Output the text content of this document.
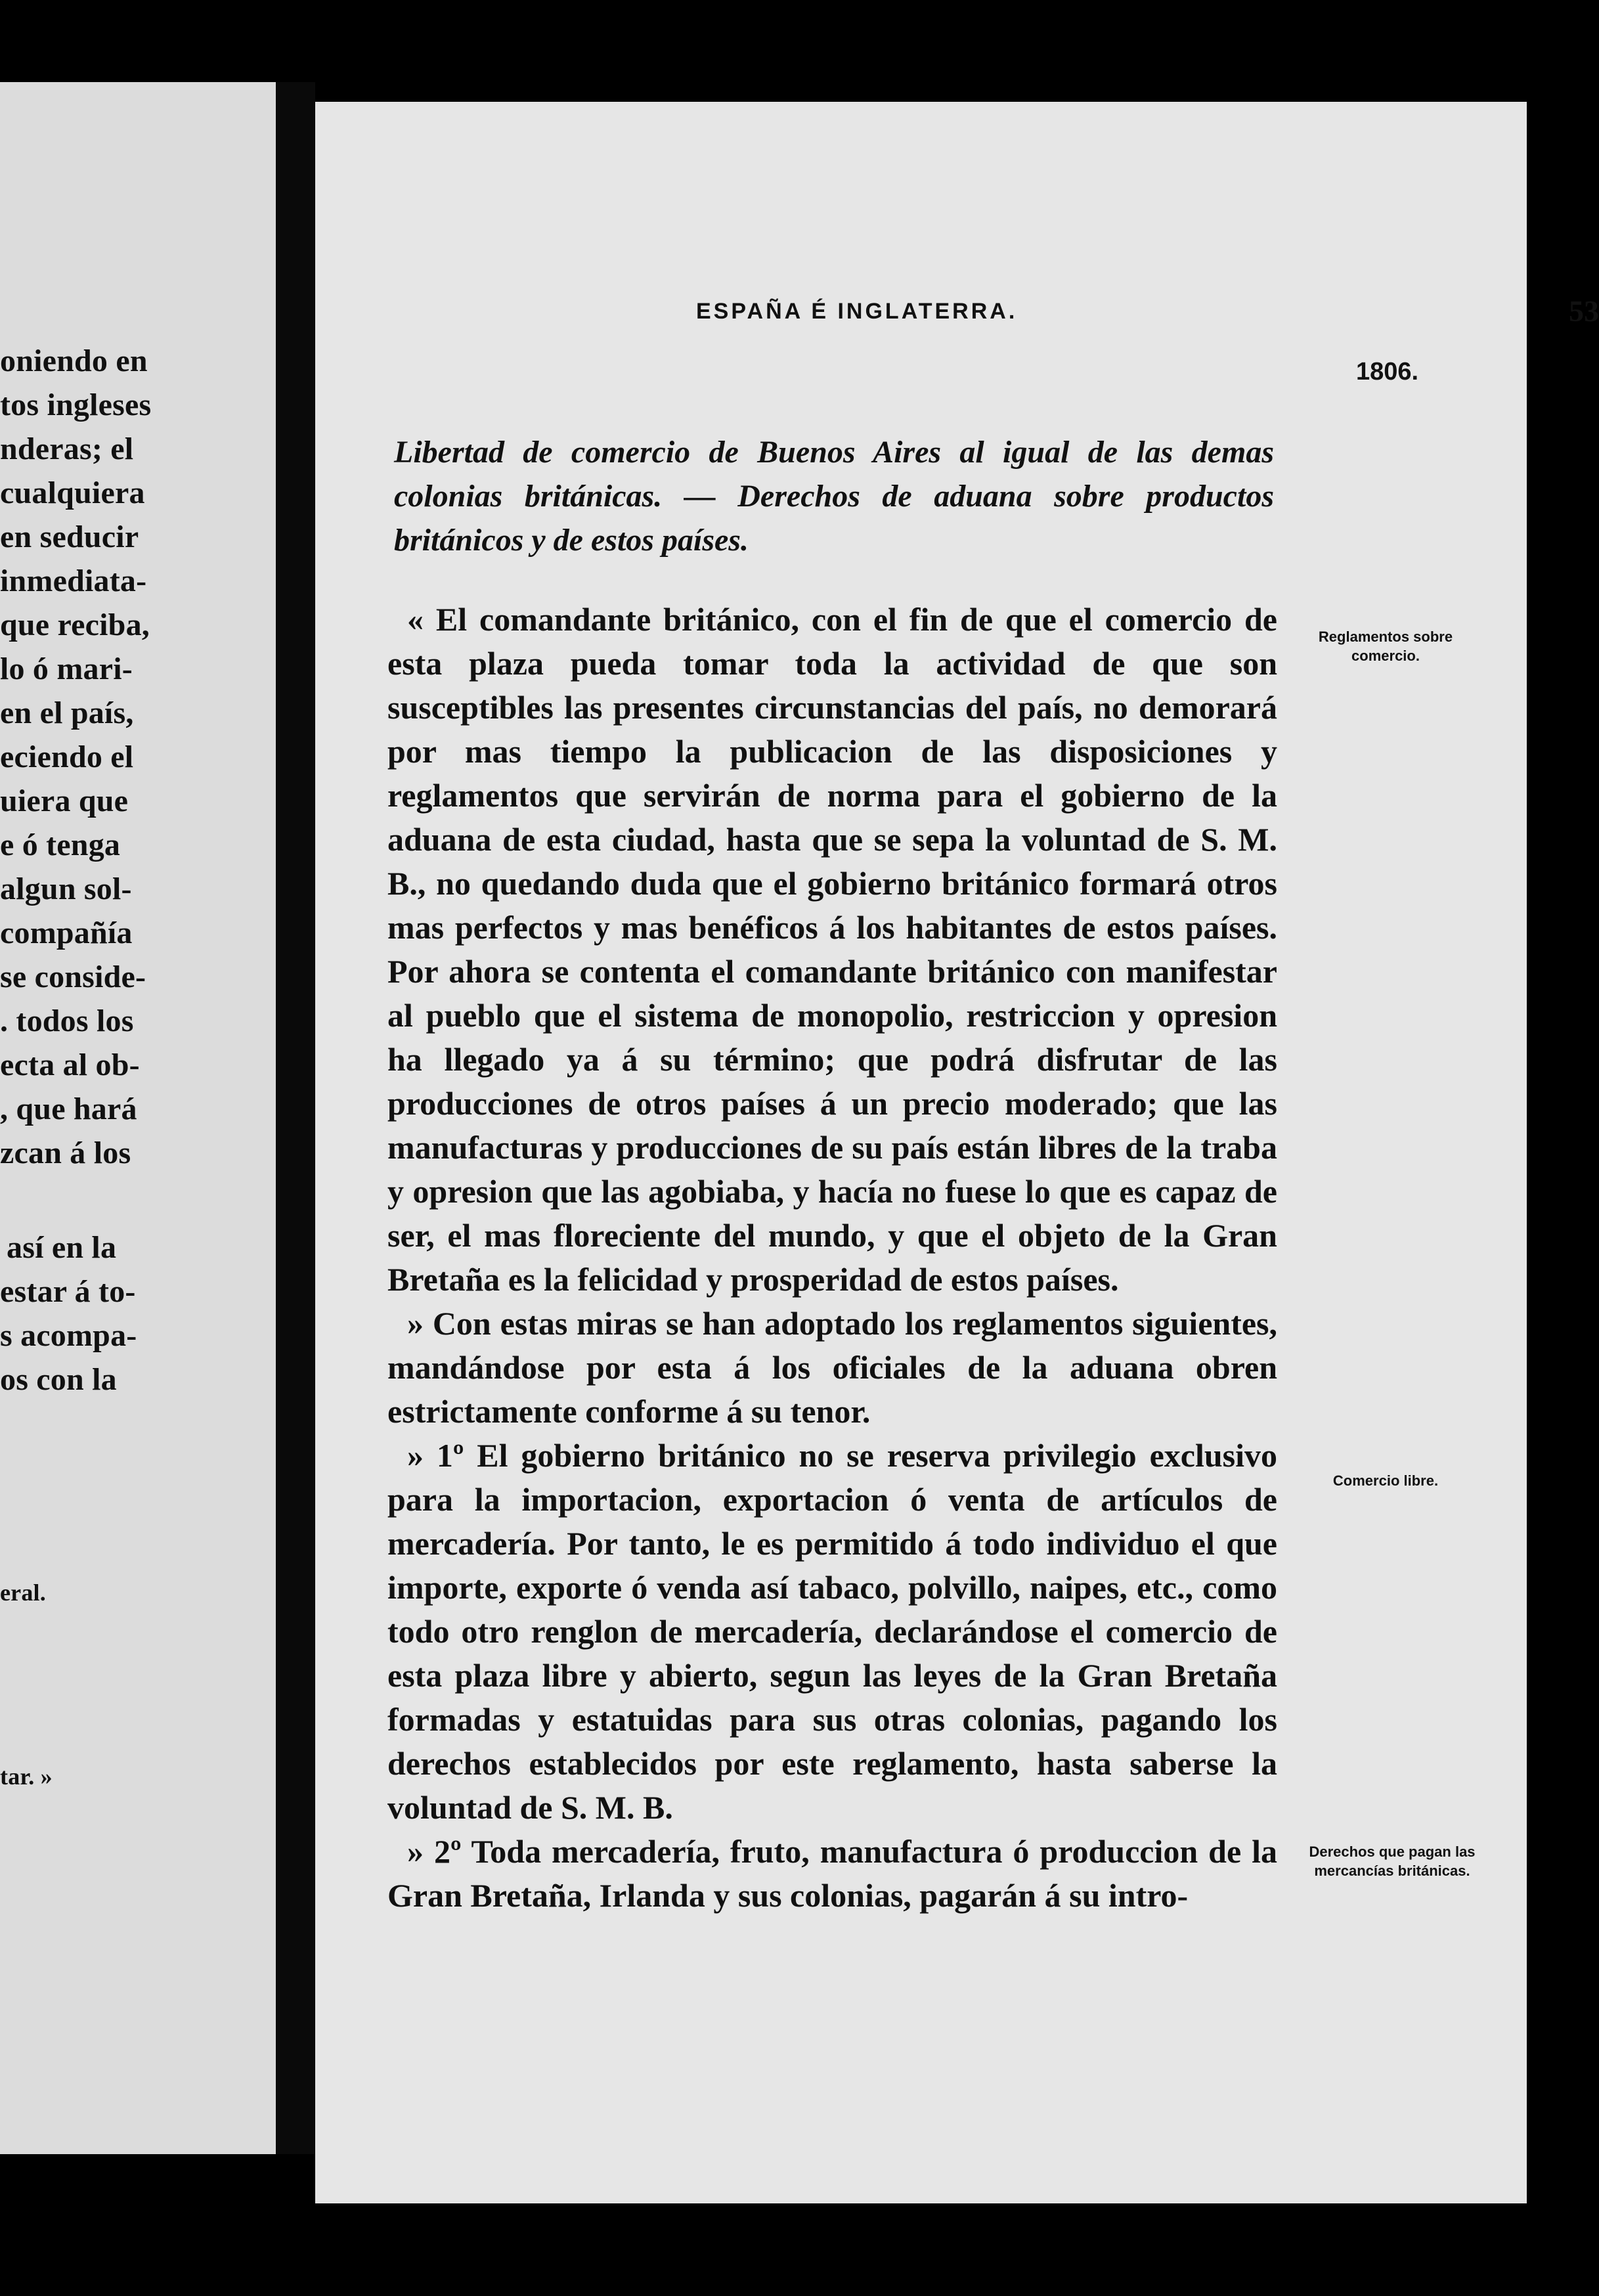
oniendo en
tos ingleses
nderas; el
cualquiera
en seducir
inmediata-
que reciba,
lo ó mari-
en el país,
eciendo el
uiera que
e ó tenga
algun sol-
compañía
se conside-
. todos los
ecta al ob-
, que hará
zcan á los
así en la
estar á to-
s acompa-
os con la
eral.
tar. »
ESPAÑA É INGLATERRA.	53
1806.
Libertad de comercio de Buenos Aires al igual de las demas colonias británicas. — Derechos de aduana sobre productos británicos y de estos países.

« El comandante británico, con el fin de que el comercio de esta plaza pueda tomar toda la actividad de que son susceptibles las presentes circunstancias del país, no demorará por mas tiempo la publicacion de las disposiciones y reglamentos que servirán de norma para el gobierno de la aduana de esta ciudad, hasta que se sepa la voluntad de S. M. B., no quedando duda que el gobierno británico formará otros mas perfectos y mas benéficos á los habitantes de estos países. Por ahora se contenta el comandante británico con manifestar al pueblo que el sistema de monopolio, restriccion y opresion ha llegado ya á su término; que podrá disfrutar de las producciones de otros países á un precio moderado; que las manufacturas y producciones de su país están libres de la traba y opresion que las agobiaba, y hacía no fuese lo que es capaz de ser, el mas floreciente del mundo, y que el objeto de la Gran Bretaña es la felicidad y prosperidad de estos países.

» Con estas miras se han adoptado los reglamentos siguientes, mandándose por esta á los oficiales de la aduana obren estrictamente conforme á su tenor.

» 1º El gobierno británico no se reserva privilegio exclusivo para la importacion, exportacion ó venta de artículos de mercadería. Por tanto, le es permitido á todo individuo el que importe, exporte ó venda así tabaco, polvillo, naipes, etc., como todo otro renglon de mercadería, declarándose el comercio de esta plaza libre y abierto, segun las leyes de la Gran Bretaña formadas y estatuidas para sus otras colonias, pagando los derechos establecidos por este reglamento, hasta saberse la voluntad de S. M. B.

» 2º Toda mercadería, fruto, manufactura ó produccion de la Gran Bretaña, Irlanda y sus colonias, pagarán á su intro-

Reglamentos sobre comercio.
Comercio libre.
Derechos que pagan las mercancías británicas.
